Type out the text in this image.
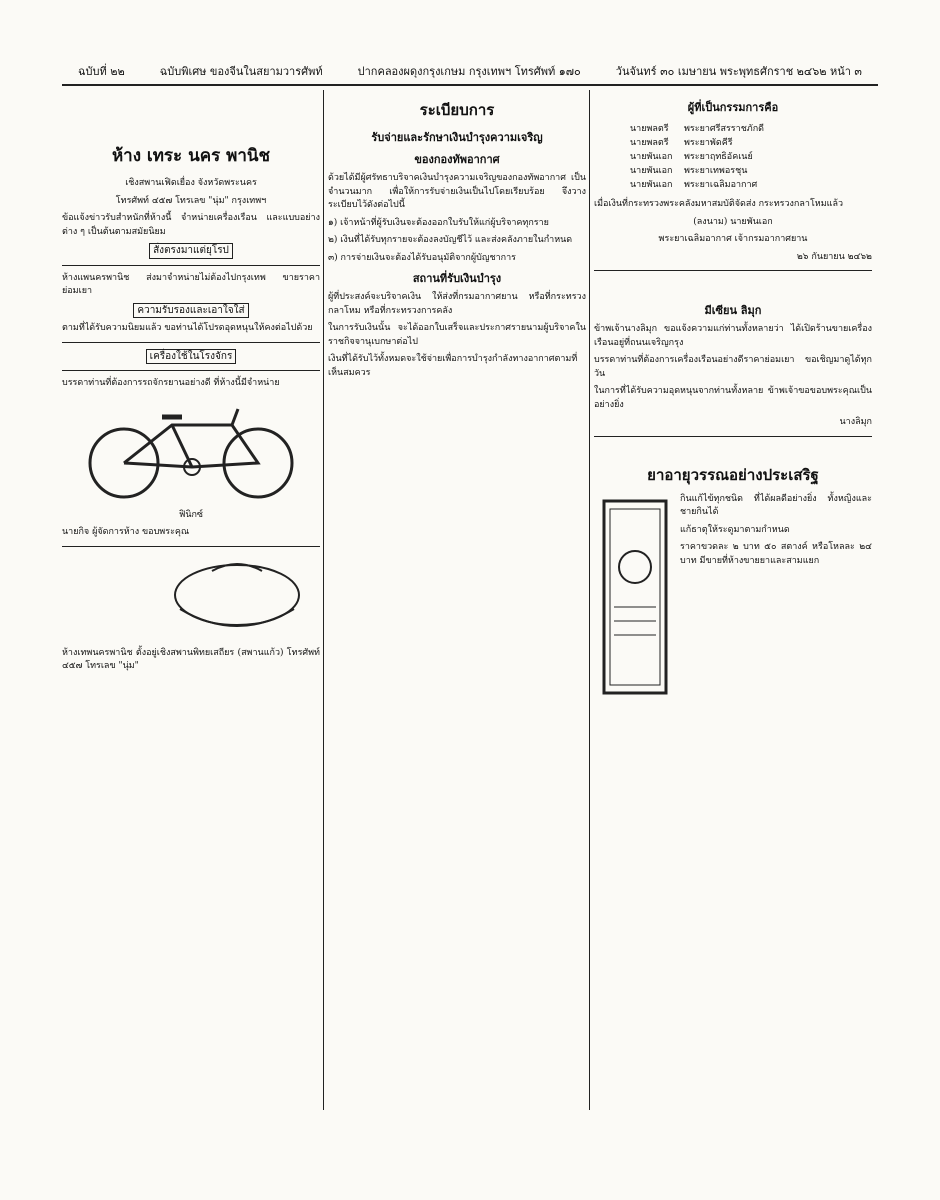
ฉบับที่ ๒๒	ฉบับพิเศษ ของจีนในสยามวารศัพท์	ปากคลองผดุงกรุงเกษม กรุงเทพฯ โทรศัพท์ ๑๗๐	วันจันทร์ ๓๐ เมษายน พระพุทธศักราช ๒๔๖๒ หน้า ๓
ห้าง เทระ นคร พานิช

เชิงสพานเฟิดเยื่อง จังหวัดพระนคร

โทรศัพท์ ๔๕๗ โทรเลข "นุ่ม" กรุงเทพฯ

ข้อแจ้งข่าวรับสำหนักที่ห้างนี้ จำหน่ายเครื่องเรือน และแบบอย่างต่าง ๆ เป็นต้นตามสมัยนิยม

สั่งตรงมาแต่ยุโรป

ห้างแพนครพานิช ส่งมาจำหน่ายไม่ต้องไปกรุงเทพ ขายราคาย่อมเยา

ความรับรองและเอาใจใส่

ตามที่ได้รับความนิยมแล้ว ขอท่านได้โปรดอุดหนุนให้คงต่อไปด้วย

เครื่องใช้ในโรงจักร

บรรดาท่านที่ต้องการรถจักรยานอย่างดี ที่ห้างนี้มีจำหน่าย

ฟินิกซ์

นายกิจ ผู้จัดการห้าง ขอบพระคุณ

ห้างเทพนครพานิช ตั้งอยู่เชิงสพานพิทยเสถียร (สพานแก้ว) โทรศัพท์ ๔๕๗ โทรเลข "นุ่ม"

ระเบียบการ
รับจ่ายและรักษาเงินบำรุงความเจริญ
ของกองทัพอากาศ

ด้วยได้มีผู้ศรัทธาบริจาคเงินบำรุงความเจริญของกองทัพอากาศ เป็นจำนวนมาก เพื่อให้การรับจ่ายเงินเป็นไปโดยเรียบร้อย จึงวางระเบียบไว้ดังต่อไปนี้

๑) เจ้าหน้าที่ผู้รับเงินจะต้องออกใบรับให้แก่ผู้บริจาคทุกราย

๒) เงินที่ได้รับทุกรายจะต้องลงบัญชีไว้ และส่งคลังภายในกำหนด

๓) การจ่ายเงินจะต้องได้รับอนุมัติจากผู้บัญชาการ

สถานที่รับเงินบำรุง

ผู้ที่ประสงค์จะบริจาคเงิน ให้ส่งที่กรมอากาศยาน หรือที่กระทรวงกลาโหม หรือที่กระทรวงการคลัง

ในการรับเงินนั้น จะได้ออกใบเสร็จและประกาศรายนามผู้บริจาคในราชกิจจานุเบกษาต่อไป

เงินที่ได้รับไว้ทั้งหมดจะใช้จ่ายเพื่อการบำรุงกำลังทางอากาศตามที่เห็นสมควร

ผู้ที่เป็นกรรมการคือ
นายพลตรี	พระยาศรีสรราชภักดี
นายพลตรี	พระยาพัดคีรี
นายพันเอก พระยาฤทธิอัคเนย์
นายพันเอก พระยาเทพอรชุน
นายพันเอก พระยาเฉลิมอากาศ

เมื่อเงินที่กระทรวงพระคลังมหาสมบัติจัดส่ง กระทรวงกลาโหมแล้ว

(ลงนาม) นายพันเอก

พระยาเฉลิมอากาศ เจ้ากรมอากาศยาน

๒๖ กันยายน ๒๔๖๒

มีเซียน ลิมุก

ข้าพเจ้านางลิมุก ขอแจ้งความแก่ท่านทั้งหลายว่า ได้เปิดร้านขายเครื่องเรือนอยู่ที่ถนนเจริญกรุง

บรรดาท่านที่ต้องการเครื่องเรือนอย่างดีราคาย่อมเยา ขอเชิญมาดูได้ทุกวัน

ในการที่ได้รับความอุดหนุนจากท่านทั้งหลาย ข้าพเจ้าขอขอบพระคุณเป็นอย่างยิ่ง

นางลิมุก

ยาอายุวรรณอย่างประเสริฐ

กินแก้ไข้ทุกชนิด ที่ได้ผลดีอย่างยิ่ง ทั้งหญิงและชายกินได้

แก้ธาตุให้ระดูมาตามกำหนด

ราคาขวดละ ๒ บาท ๕๐ สตางค์ หรือโหลละ ๒๔ บาท มีขายที่ห้างขายยาและสามแยก
